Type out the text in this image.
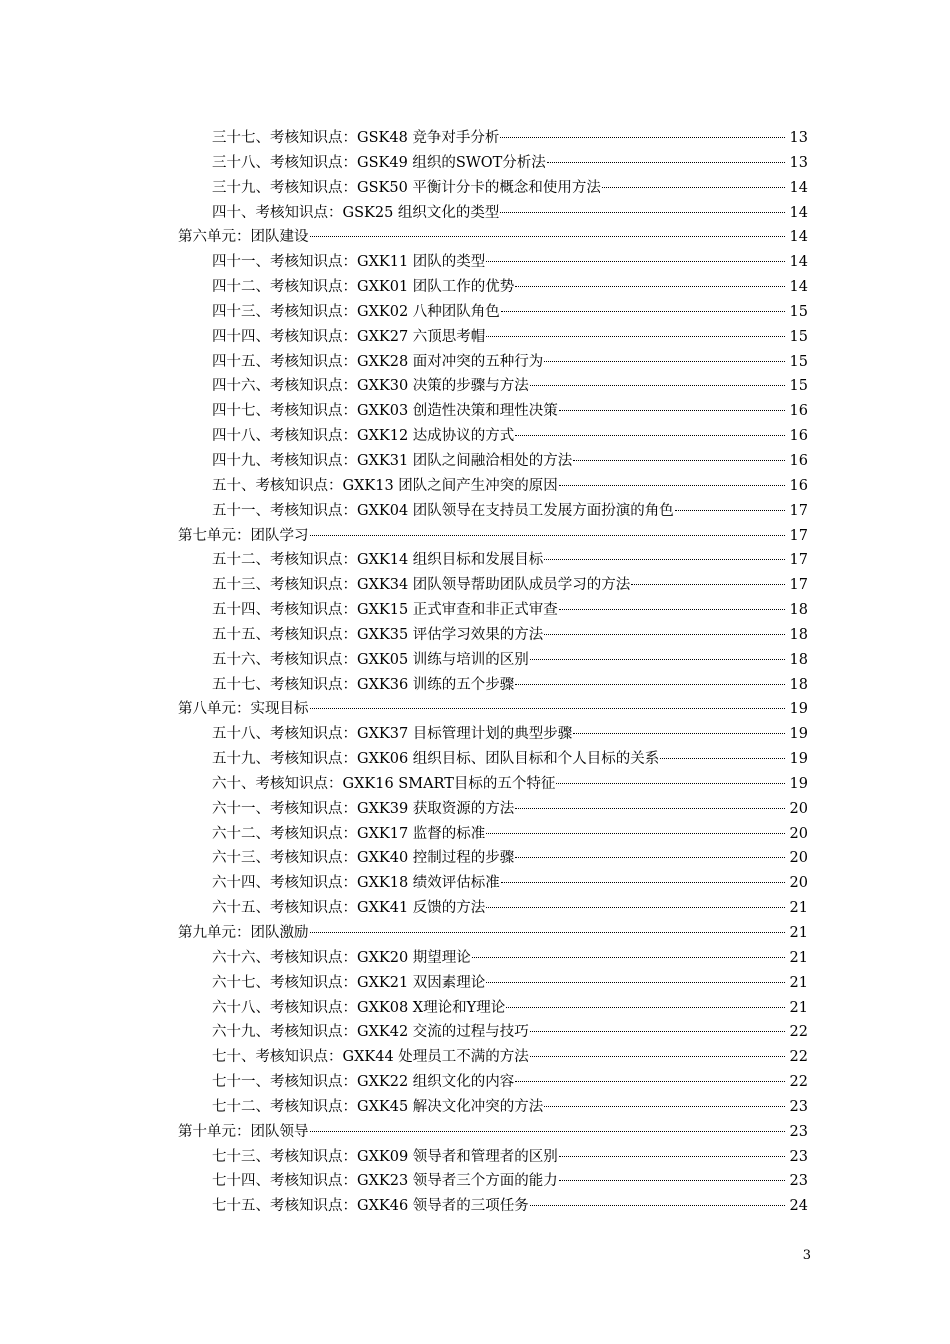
三十七、考核知识点：GSK48 竞争对手分析	13
三十八、考核知识点：GSK49 组织的SWOT分析法	13
三十九、考核知识点：GSK50 平衡计分卡的概念和使用方法	14
四十、考核知识点：GSK25 组织文化的类型	14
第六单元：团队建设	14
四十一、考核知识点：GXK11 团队的类型	14
四十二、考核知识点：GXK01 团队工作的优势	14
四十三、考核知识点：GXK02 八种团队角色	15
四十四、考核知识点：GXK27 六顶思考帽	15
四十五、考核知识点：GXK28 面对冲突的五种行为	15
四十六、考核知识点：GXK30 决策的步骤与方法	15
四十七、考核知识点：GXK03 创造性决策和理性决策	16
四十八、考核知识点：GXK12 达成协议的方式	16
四十九、考核知识点：GXK31 团队之间融洽相处的方法	16
五十、考核知识点：GXK13 团队之间产生冲突的原因	16
五十一、考核知识点：GXK04 团队领导在支持员工发展方面扮演的角色	17
第七单元：团队学习	17
五十二、考核知识点：GXK14 组织目标和发展目标	17
五十三、考核知识点：GXK34 团队领导帮助团队成员学习的方法	17
五十四、考核知识点：GXK15 正式审查和非正式审查	18
五十五、考核知识点：GXK35 评估学习效果的方法	18
五十六、考核知识点：GXK05 训练与培训的区别	18
五十七、考核知识点：GXK36 训练的五个步骤	18
第八单元：实现目标	19
五十八、考核知识点：GXK37 目标管理计划的典型步骤	19
五十九、考核知识点：GXK06 组织目标、团队目标和个人目标的关系	19
六十、考核知识点：GXK16 SMART目标的五个特征	19
六十一、考核知识点：GXK39 获取资源的方法	20
六十二、考核知识点：GXK17 监督的标准	20
六十三、考核知识点：GXK40 控制过程的步骤	20
六十四、考核知识点：GXK18 绩效评估标准	20
六十五、考核知识点：GXK41 反馈的方法	21
第九单元：团队激励	21
六十六、考核知识点：GXK20 期望理论	21
六十七、考核知识点：GXK21 双因素理论	21
六十八、考核知识点：GXK08 X理论和Y理论	21
六十九、考核知识点：GXK42 交流的过程与技巧	22
七十、考核知识点：GXK44 处理员工不满的方法	22
七十一、考核知识点：GXK22 组织文化的内容	22
七十二、考核知识点：GXK45 解决文化冲突的方法	23
第十单元：团队领导	23
七十三、考核知识点：GXK09 领导者和管理者的区别	23
七十四、考核知识点：GXK23 领导者三个方面的能力	23
七十五、考核知识点：GXK46 领导者的三项任务	24
3
